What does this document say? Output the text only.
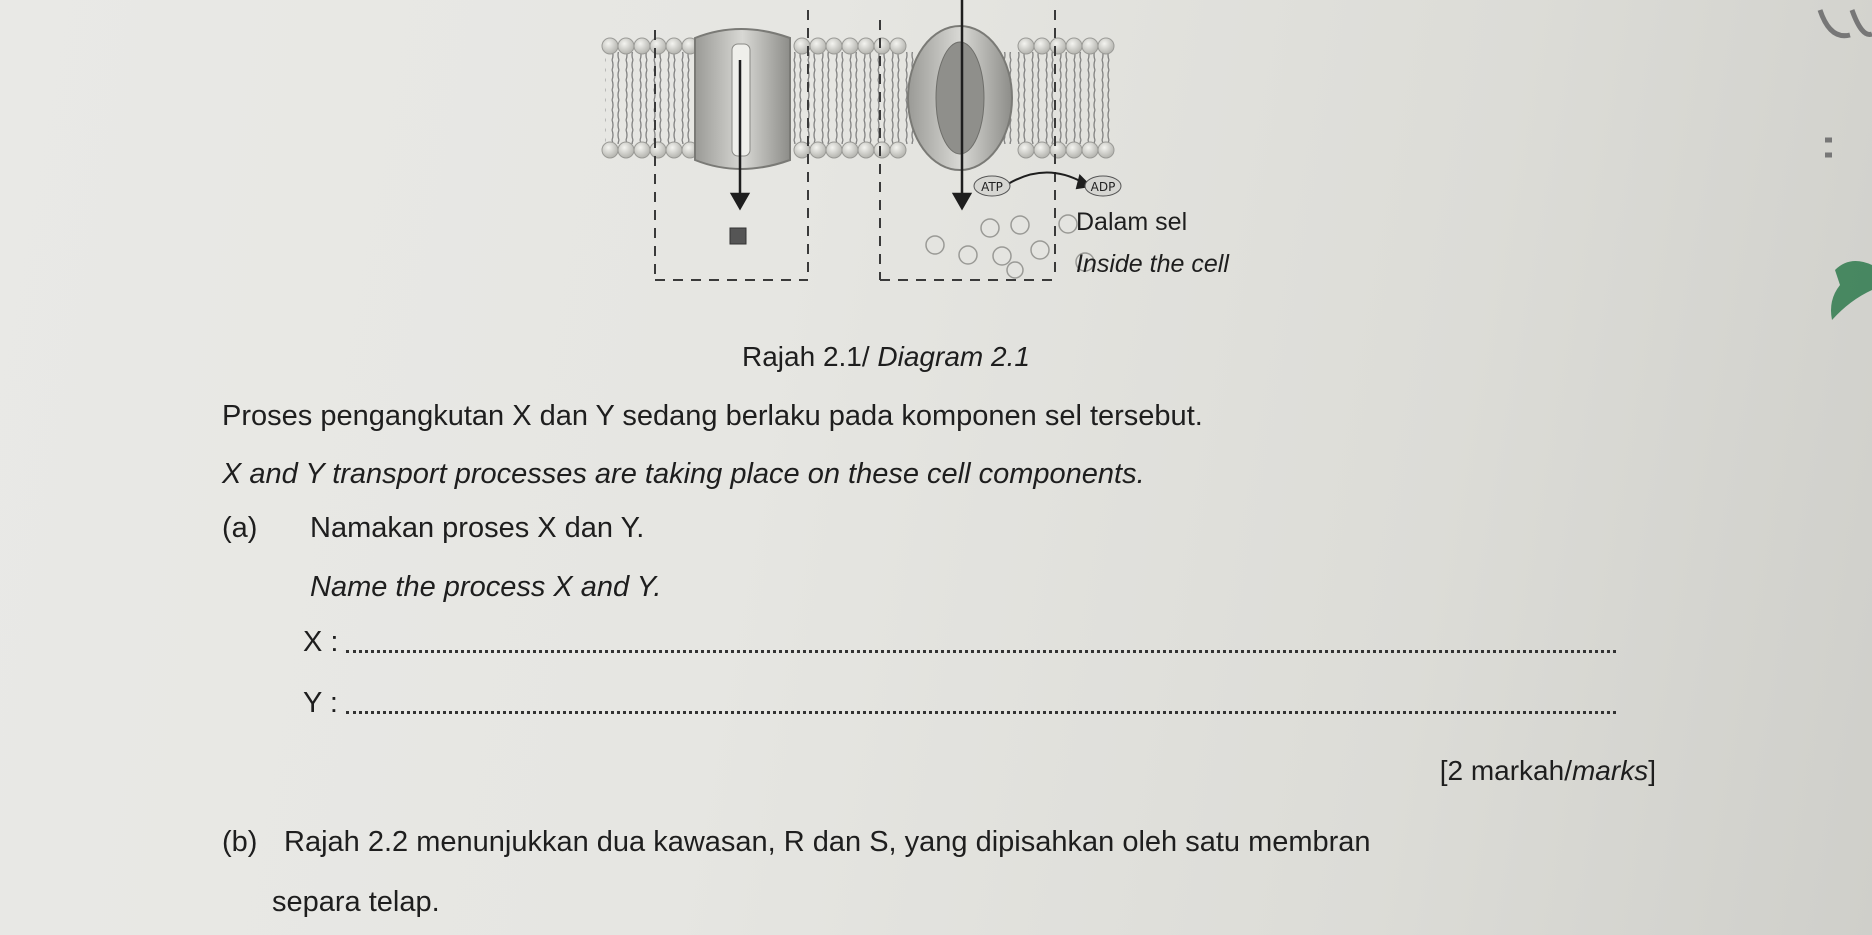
ATP	ADP
Dalam sel
Inside the cell
Rajah 2.1/ Diagram 2.1
Proses pengangkutan X dan Y sedang berlaku pada komponen sel tersebut.
X and Y transport processes are taking place on these cell components.
(a) Namakan proses X dan Y.
Name the process X and Y.
X :
Y :
[2 markah/marks]
(b) Rajah 2.2 menunjukkan dua kawasan, R dan S, yang dipisahkan oleh satu membran
separa telap.
